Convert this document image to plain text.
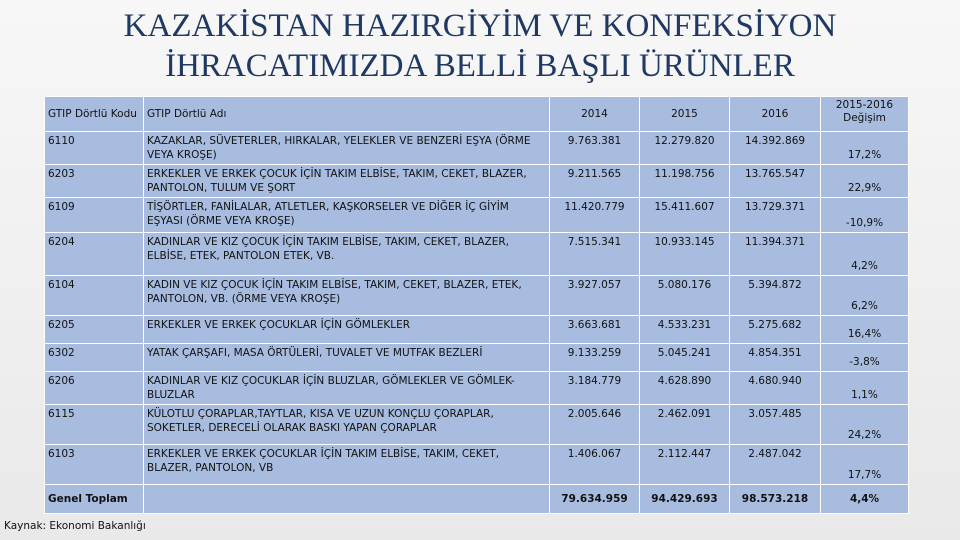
KAZAKİSTAN HAZIRGİYİM VE KONFEKSİYON
İHRACATIMIZDA BELLİ BAŞLI ÜRÜNLER
GTIP Dörtlü Kodu	GTIP Dörtlü Adı	2014	2015	2016	2015-2016 Değişim
6110	KAZAKLAR, SÜVETERLER, HIRKALAR, YELEKLER VE BENZERİ EŞYA (ÖRME VEYA KROŞE)	9.763.381	12.279.820	14.392.869	17,2%
6203	ERKEKLER VE ERKEK ÇOCUK İÇİN TAKIM ELBİSE, TAKIM, CEKET, BLAZER, PANTOLON, TULUM VE ŞORT	9.211.565	11.198.756	13.765.547	22,9%
6109	TİŞÖRTLER, FANİLALAR, ATLETLER, KAŞKORSELER VE DİĞER İÇ GİYİM EŞYASI (ÖRME VEYA KROŞE)	11.420.779	15.411.607	13.729.371	-10,9%
6204	KADINLAR VE KIZ ÇOCUK İÇİN TAKIM ELBİSE, TAKIM, CEKET, BLAZER, ELBİSE, ETEK, PANTOLON ETEK, VB.	7.515.341	10.933.145	11.394.371	4,2%
6104	KADIN VE KIZ ÇOCUK İÇİN TAKIM ELBİSE, TAKIM, CEKET, BLAZER, ETEK, PANTOLON, VB. (ÖRME VEYA KROŞE)	3.927.057	5.080.176	5.394.872	6,2%
6205	ERKEKLER VE ERKEK ÇOCUKLAR İÇİN GÖMLEKLER	3.663.681	4.533.231	5.275.682	16,4%
6302	YATAK ÇARŞAFI, MASA ÖRTÜLERİ, TUVALET VE MUTFAK BEZLERİ	9.133.259	5.045.241	4.854.351	-3,8%
6206	KADINLAR VE KIZ ÇOCUKLAR İÇİN BLUZLAR, GÖMLEKLER VE GÖMLEK-BLUZLAR	3.184.779	4.628.890	4.680.940	1,1%
6115	KÜLOTLU ÇORAPLAR,TAYTLAR, KISA VE UZUN KONÇLU ÇORAPLAR, SOKETLER, DERECELİ OLARAK BASKI YAPAN ÇORAPLAR	2.005.646	2.462.091	3.057.485	24,2%
6103	ERKEKLER VE ERKEK ÇOCUKLAR İÇİN TAKIM ELBİSE, TAKIM, CEKET, BLAZER, PANTOLON, VB	1.406.067	2.112.447	2.487.042	17,7%
Genel Toplam		79.634.959	94.429.693	98.573.218	4,4%
Kaynak: Ekonomi Bakanlığı
